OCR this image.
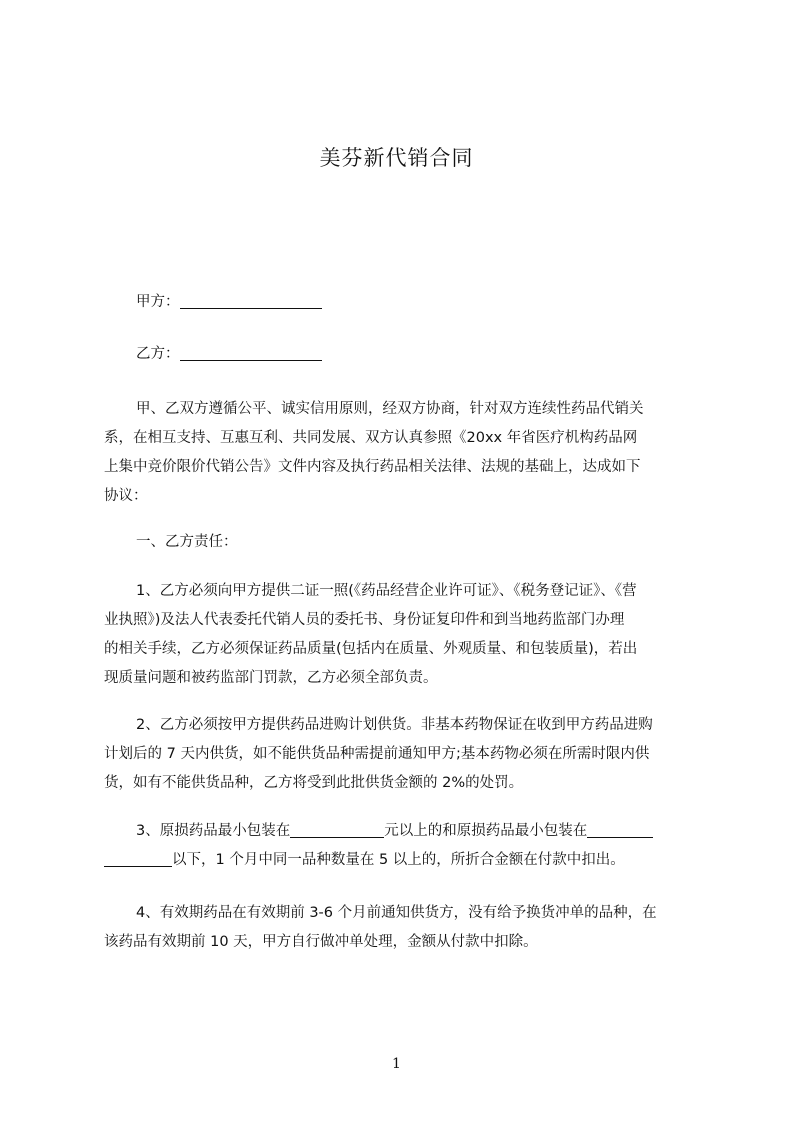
美芬新代销合同
甲方：
乙方：
甲、乙双方遵循公平、诚实信用原则，经双方协商，针对双方连续性药品代销关
系，在相互支持、互惠互利、共同发展、双方认真参照《20xx 年省医疗机构药品网
上集中竞价限价代销公告》文件内容及执行药品相关法律、法规的基础上，达成如下
协议：
一、乙方责任：
1、乙方必须向甲方提供二证一照(《药品经营企业许可证》、《税务登记证》、《营
业执照》)及法人代表委托代销人员的委托书、身份证复印件和到当地药监部门办理
的相关手续，乙方必须保证药品质量(包括内在质量、外观质量、和包装质量)，若出
现质量问题和被药监部门罚款，乙方必须全部负责。
2、乙方必须按甲方提供药品进购计划供货。非基本药物保证在收到甲方药品进购
计划后的 7 天内供货，如不能供货品种需提前通知甲方;基本药物必须在所需时限内供
货，如有不能供货品种，乙方将受到此批供货金额的 2%的处罚。
3、原损药品最小包装在	元以上的和原损药品最小包装在
以下，1 个月中同一品种数量在 5 以上的，所折合金额在付款中扣出。
4、有效期药品在有效期前 3-6 个月前通知供货方，没有给予换货冲单的品种，在
该药品有效期前 10 天，甲方自行做冲单处理，金额从付款中扣除。
1
